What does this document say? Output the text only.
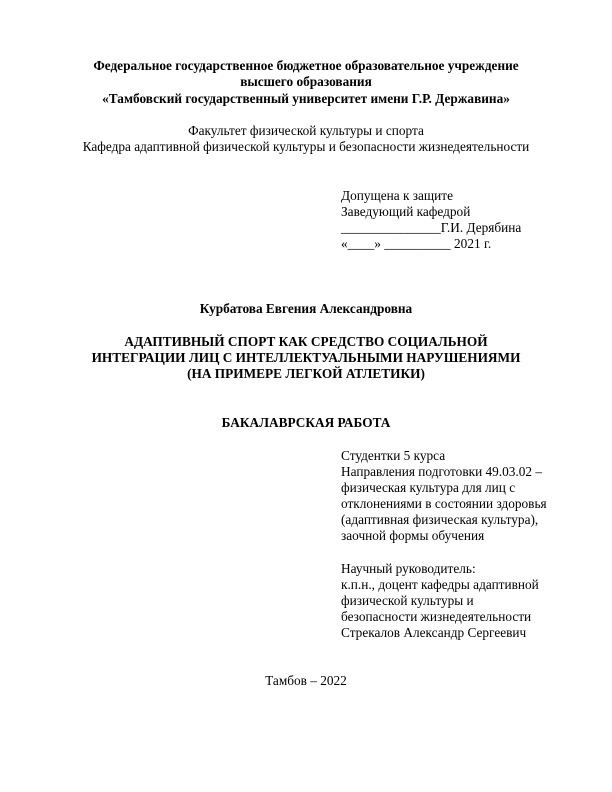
Федеральное государственное бюджетное образовательное учреждение
высшего образования
«Тамбовский государственный университет имени Г.Р. Державина»
Факультет физической культуры и спорта
Кафедра адаптивной физической культуры и безопасности жизнедеятельности
Допущена к защите
Заведующий кафедрой
_______________Г.И. Дерябина
«____» __________ 2021 г.
Курбатова Евгения Александровна
АДАПТИВНЫЙ СПОРТ КАК СРЕДСТВО СОЦИАЛЬНОЙ
ИНТЕГРАЦИИ ЛИЦ С ИНТЕЛЛЕКТУАЛЬНЫМИ НАРУШЕНИЯМИ
(НА ПРИМЕРЕ ЛЕГКОЙ АТЛЕТИКИ)
БАКАЛАВРСКАЯ РАБОТА
Студентки 5 курса
Направления подготовки 49.03.02 –
физическая культура для лиц с
отклонениями в состоянии здоровья
(адаптивная физическая культура),
заочной формы обучения
Научный руководитель:
к.п.н., доцент кафедры адаптивной
физической культуры и
безопасности жизнедеятельности
Стрекалов Александр Сергеевич
Тамбов – 2022
